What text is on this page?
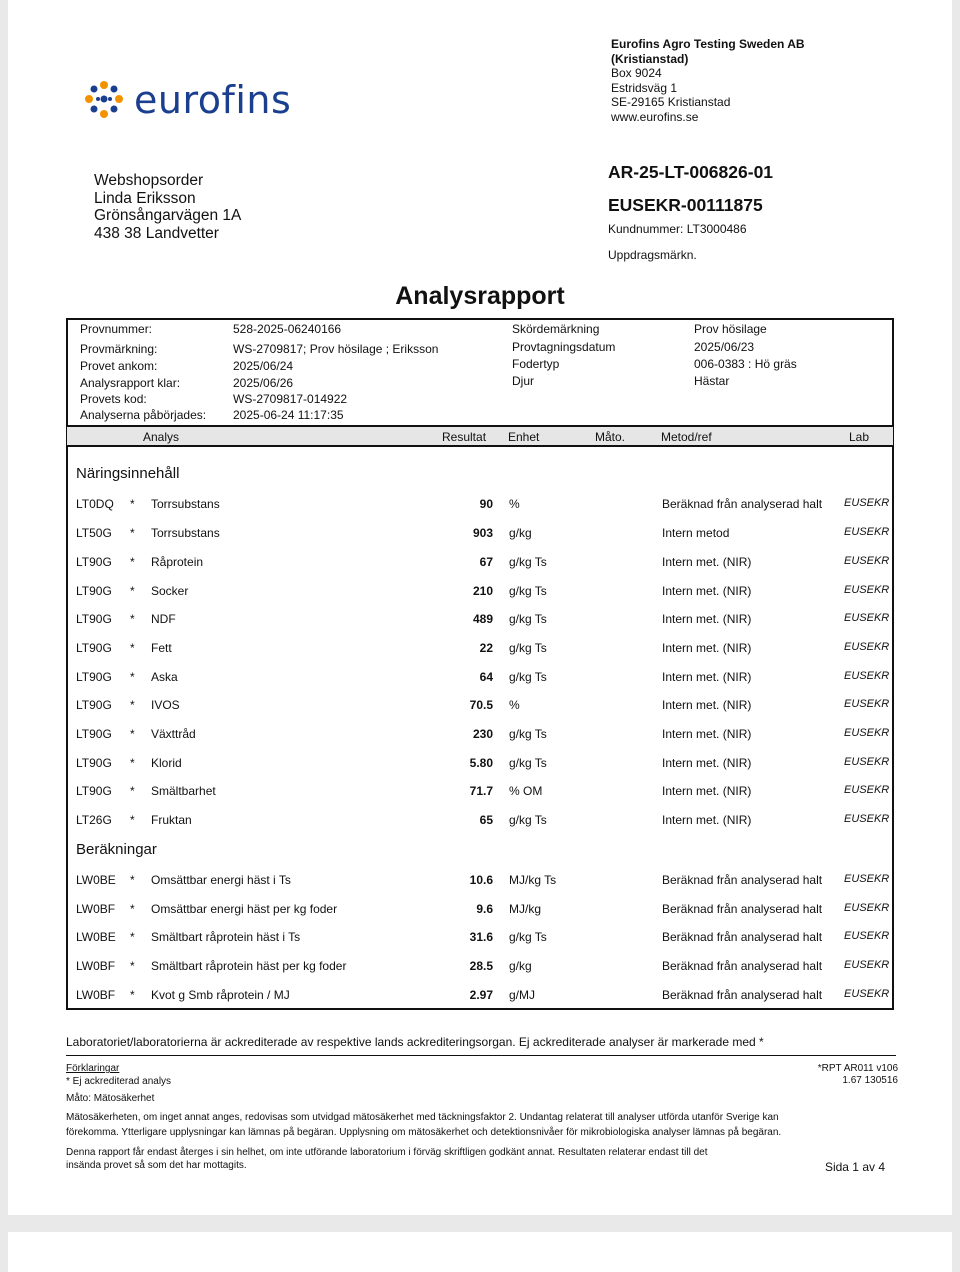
eurofins
Eurofins Agro Testing Sweden AB
(Kristianstad)
Box 9024
Estridsväg 1
SE-29165 Kristianstad
www.eurofins.se
Webshopsorder
Linda Eriksson
Grönsångarvägen 1A
438 38 Landvetter
AR-25-LT-006826-01
EUSEKR-00111875
Kundnummer: LT3000486
Uppdragsmärkn.
Analysrapport
Provnummer:	528-2025-06240166
Provmärkning:	WS-2709817; Prov hösilage ; Eriksson
Provet ankom:	2025/06/24
Analysrapport klar:	2025/06/26
Provets kod:	WS-2709817-014922
Analyserna påbörjades: 2025-06-24 11:17:35
Skördemärkning	Prov hösilage
Provtagningsdatum	2025/06/23
Fodertyp	006-0383 : Hö gräs
Djur	Hästar
Analys	Resultat Enhet	Måto.	Metod/ref	Lab
Näringsinnehåll
LT0DQ * Torrsubstans	90 %	Beräknad från analyserad halt EUSEKR
LT50G * Torrsubstans	903 g/kg	Intern metod	EUSEKR
LT90G * Råprotein	67 g/kg Ts	Intern met. (NIR)	EUSEKR
LT90G * Socker	210 g/kg Ts	Intern met. (NIR)	EUSEKR
LT90G * NDF	489 g/kg Ts	Intern met. (NIR)	EUSEKR
LT90G * Fett	22 g/kg Ts	Intern met. (NIR)	EUSEKR
LT90G * Aska	64 g/kg Ts	Intern met. (NIR)	EUSEKR
LT90G * IVOS	70.5 %	Intern met. (NIR)	EUSEKR
LT90G * Växttråd	230 g/kg Ts	Intern met. (NIR)	EUSEKR
LT90G * Klorid	5.80 g/kg Ts	Intern met. (NIR)	EUSEKR
LT90G * Smältbarhet	71.7 % OM	Intern met. (NIR)	EUSEKR
LT26G * Fruktan	65 g/kg Ts	Intern met. (NIR)	EUSEKR
Beräkningar
LW0BE * Omsättbar energi häst i Ts	10.6 MJ/kg Ts	Beräknad från analyserad halt EUSEKR
LW0BF * Omsättbar energi häst per kg foder	9.6 MJ/kg	Beräknad från analyserad halt EUSEKR
LW0BE * Smältbart råprotein häst i Ts	31.6 g/kg Ts	Beräknad från analyserad halt EUSEKR
LW0BF * Smältbart råprotein häst per kg foder	28.5 g/kg	Beräknad från analyserad halt EUSEKR
LW0BF * Kvot g Smb råprotein / MJ	2.97 g/MJ	Beräknad från analyserad halt EUSEKR
Laboratoriet/laboratorierna är ackrediterade av respektive lands ackrediteringsorgan. Ej ackrediterade analyser är markerade med *
Förklaringar
* Ej ackrediterad analys
Måto: Mätosäkerhet
*RPT AR011 v106
1.67 130516
Mätosäkerheten, om inget annat anges, redovisas som utvidgad mätosäkerhet med täckningsfaktor 2. Undantag relaterat till analyser utförda utanför Sverige kan
förekomma. Ytterligare upplysningar kan lämnas på begäran. Upplysning om mätosäkerhet och detektionsnivåer för mikrobiologiska analyser lämnas på begäran.
Denna rapport får endast återges i sin helhet, om inte utförande laboratorium i förväg skriftligen godkänt annat. Resultaten relaterar endast till det
insända provet så som det har mottagits.	Sida 1 av 4
